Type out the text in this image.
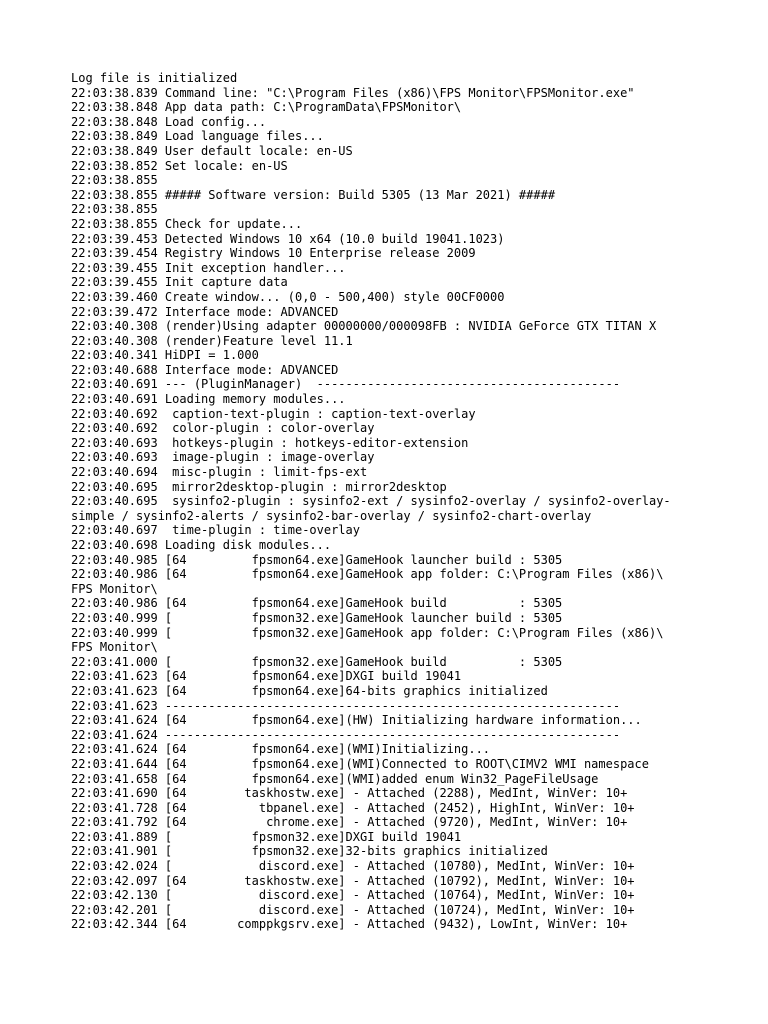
Log file is initialized
22:03:38.839 Command line: "C:\Program Files (x86)\FPS Monitor\FPSMonitor.exe"
22:03:38.848 App data path: C:\ProgramData\FPSMonitor\
22:03:38.848 Load config...
22:03:38.849 Load language files...
22:03:38.849 User default locale: en-US
22:03:38.852 Set locale: en-US
22:03:38.855
22:03:38.855 ##### Software version: Build 5305 (13 Mar 2021) #####
22:03:38.855
22:03:38.855 Check for update...
22:03:39.453 Detected Windows 10 x64 (10.0 build 19041.1023)
22:03:39.454 Registry Windows 10 Enterprise release 2009
22:03:39.455 Init exception handler...
22:03:39.455 Init capture data
22:03:39.460 Create window... (0,0 - 500,400) style 00CF0000
22:03:39.472 Interface mode: ADVANCED
22:03:40.308 (render)Using adapter 00000000/000098FB : NVIDIA GeForce GTX TITAN X
22:03:40.308 (render)Feature level 11.1
22:03:40.341 HiDPI = 1.000
22:03:40.688 Interface mode: ADVANCED
22:03:40.691 --- (PluginManager)  ------------------------------------------
22:03:40.691 Loading memory modules...
22:03:40.692  caption-text-plugin : caption-text-overlay
22:03:40.692  color-plugin : color-overlay
22:03:40.693  hotkeys-plugin : hotkeys-editor-extension
22:03:40.693  image-plugin : image-overlay
22:03:40.694  misc-plugin : limit-fps-ext
22:03:40.695  mirror2desktop-plugin : mirror2desktop
22:03:40.695  sysinfo2-plugin : sysinfo2-ext / sysinfo2-overlay / sysinfo2-overlay-
simple / sysinfo2-alerts / sysinfo2-bar-overlay / sysinfo2-chart-overlay
22:03:40.697  time-plugin : time-overlay
22:03:40.698 Loading disk modules...
22:03:40.985 [64         fpsmon64.exe]GameHook launcher build : 5305
22:03:40.986 [64         fpsmon64.exe]GameHook app folder: C:\Program Files (x86)\
FPS Monitor\
22:03:40.986 [64         fpsmon64.exe]GameHook build          : 5305
22:03:40.999 [           fpsmon32.exe]GameHook launcher build : 5305
22:03:40.999 [           fpsmon32.exe]GameHook app folder: C:\Program Files (x86)\
FPS Monitor\
22:03:41.000 [           fpsmon32.exe]GameHook build          : 5305
22:03:41.623 [64         fpsmon64.exe]DXGI build 19041
22:03:41.623 [64         fpsmon64.exe]64-bits graphics initialized
22:03:41.623 ---------------------------------------------------------------
22:03:41.624 [64         fpsmon64.exe](HW) Initializing hardware information...
22:03:41.624 ---------------------------------------------------------------
22:03:41.624 [64         fpsmon64.exe](WMI)Initializing...
22:03:41.644 [64         fpsmon64.exe](WMI)Connected to ROOT\CIMV2 WMI namespace
22:03:41.658 [64         fpsmon64.exe](WMI)added enum Win32_PageFileUsage
22:03:41.690 [64        taskhostw.exe] - Attached (2288), MedInt, WinVer: 10+
22:03:41.728 [64          tbpanel.exe] - Attached (2452), HighInt, WinVer: 10+
22:03:41.792 [64           chrome.exe] - Attached (9720), MedInt, WinVer: 10+
22:03:41.889 [           fpsmon32.exe]DXGI build 19041
22:03:41.901 [           fpsmon32.exe]32-bits graphics initialized
22:03:42.024 [            discord.exe] - Attached (10780), MedInt, WinVer: 10+
22:03:42.097 [64        taskhostw.exe] - Attached (10792), MedInt, WinVer: 10+
22:03:42.130 [            discord.exe] - Attached (10764), MedInt, WinVer: 10+
22:03:42.201 [            discord.exe] - Attached (10724), MedInt, WinVer: 10+
22:03:42.344 [64       comppkgsrv.exe] - Attached (9432), LowInt, WinVer: 10+
